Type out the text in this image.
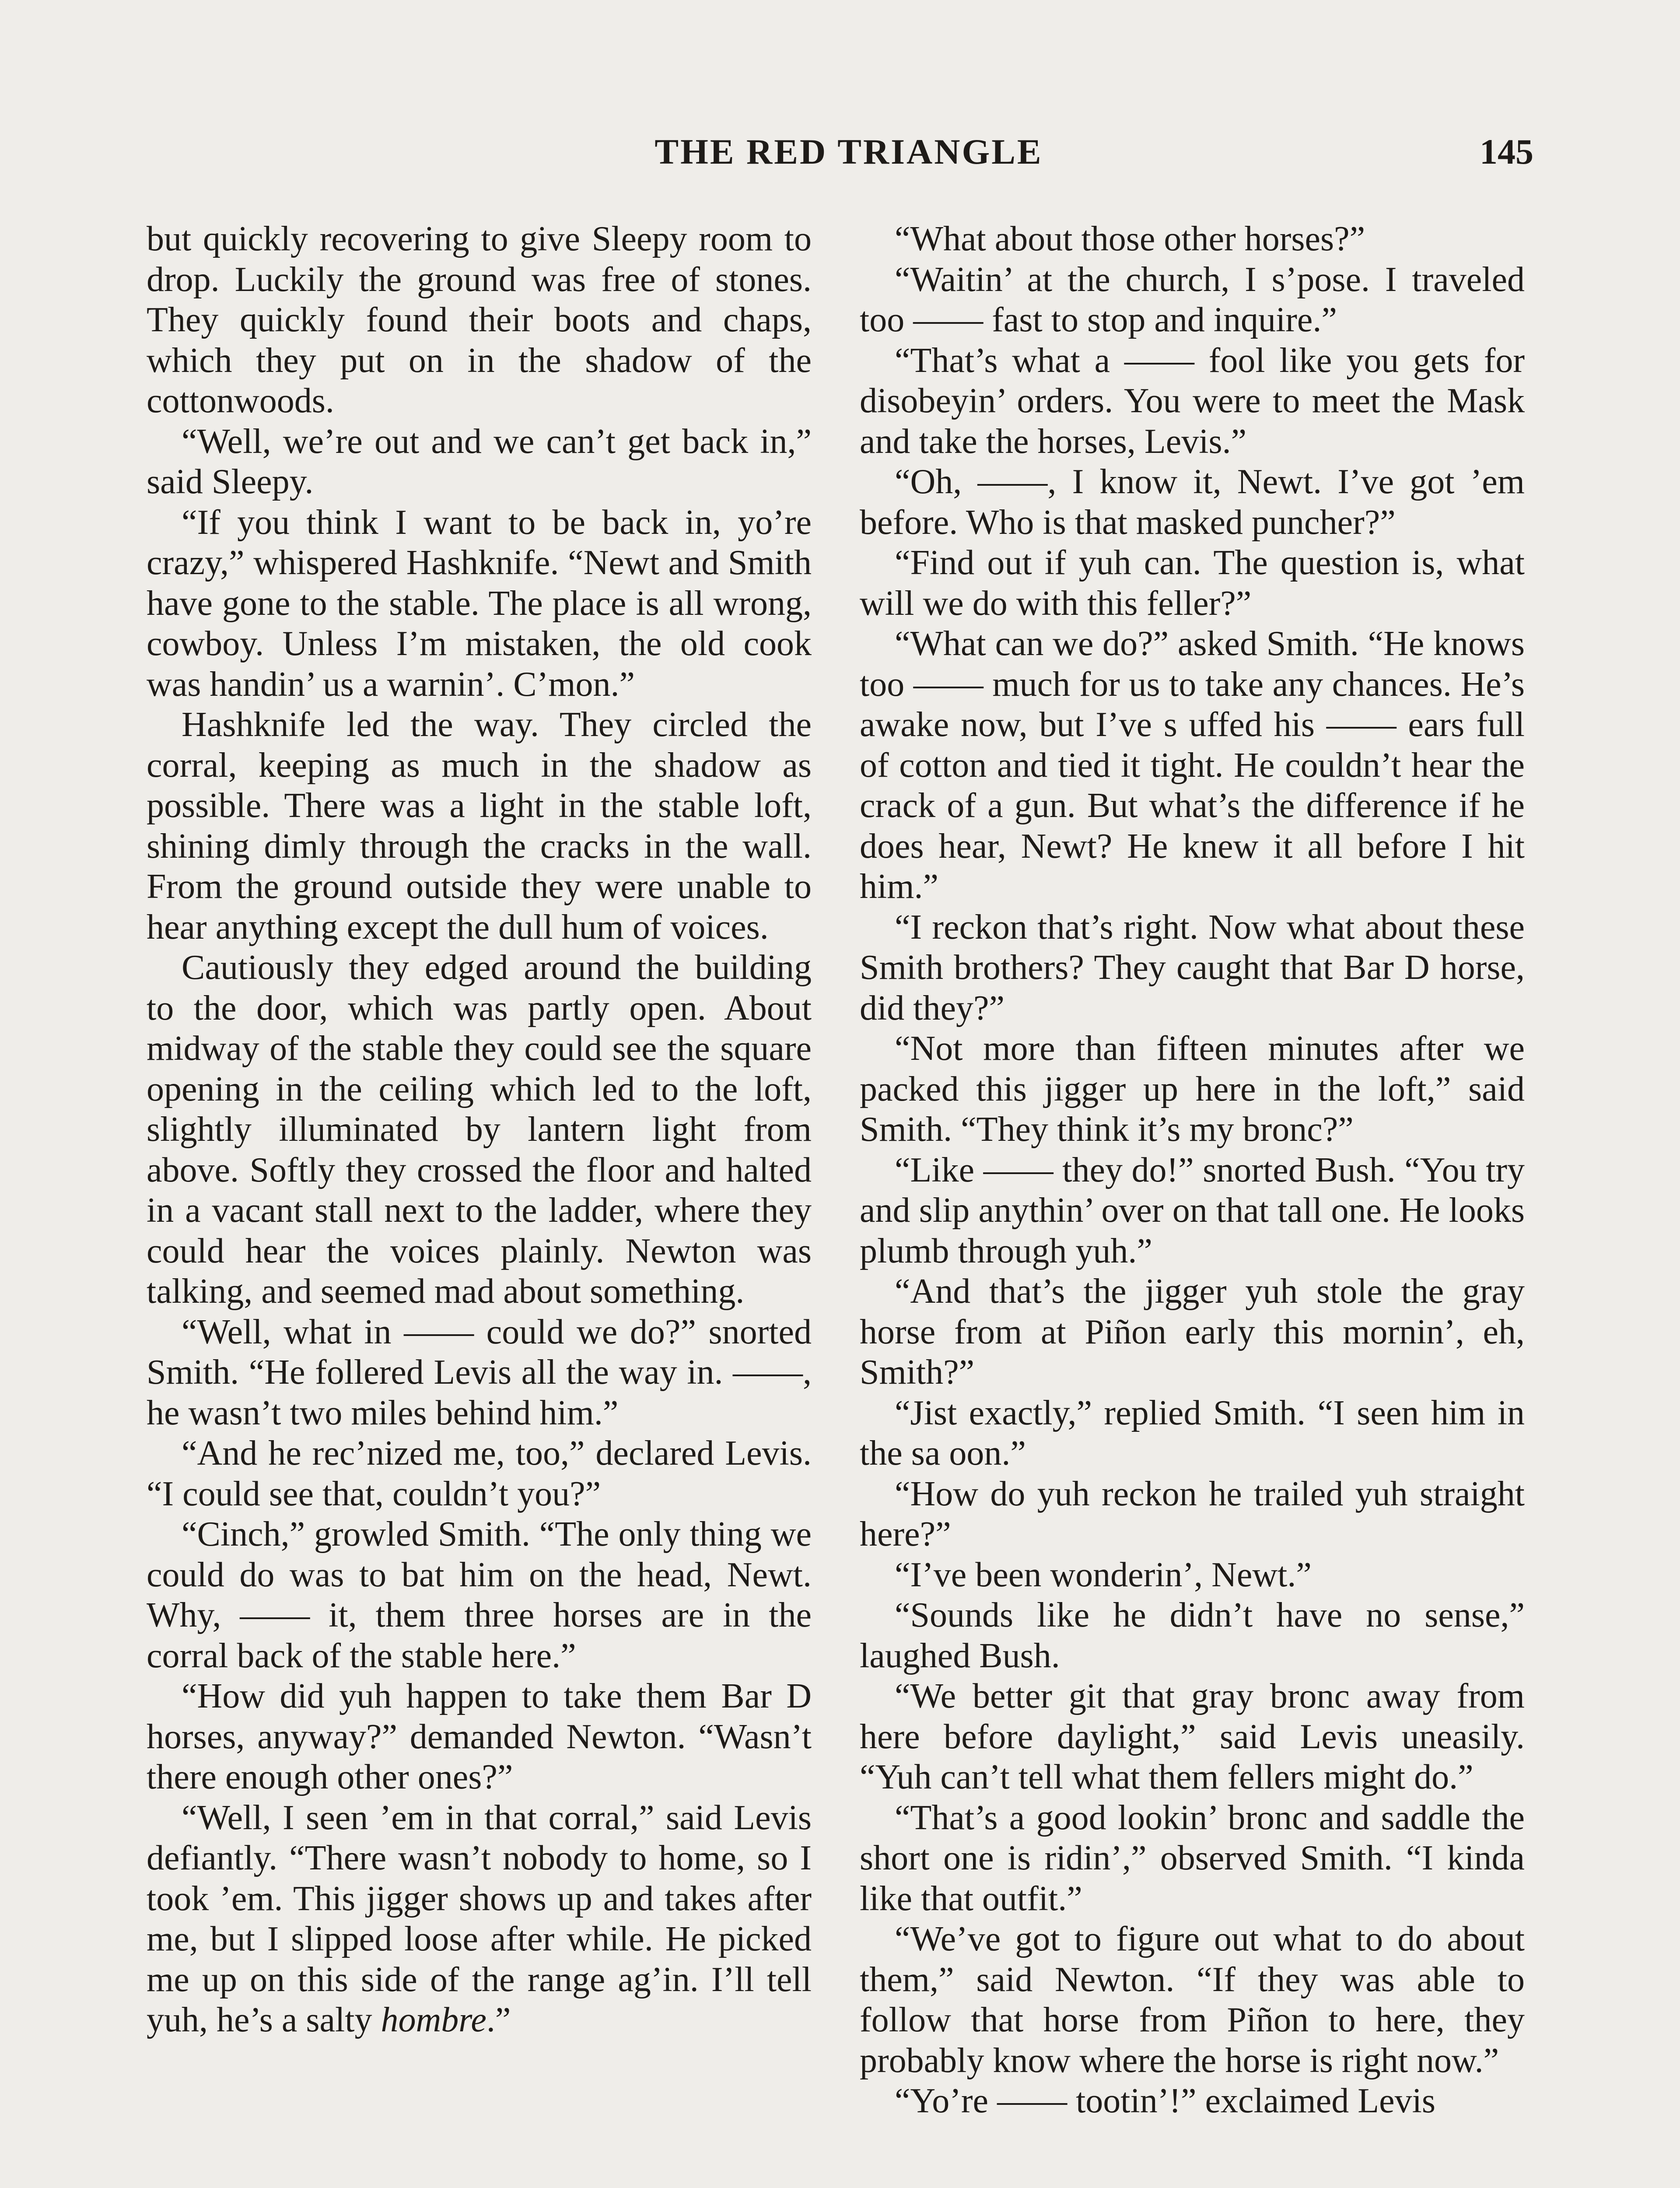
THE RED TRIANGLE	145

but quickly recovering to give Sleepy room to drop. Luckily the ground was free of stones. They quickly found their boots and chaps, which they put on in the shadow of the cottonwoods.

“Well, we’re out and we can’t get back in,” said Sleepy.

“If you think I want to be back in, yo’re crazy,” whispered Hashknife. “Newt and Smith have gone to the stable. The place is all wrong, cowboy. Unless I’m mistaken, the old cook was handin’ us a warnin’. C’mon.”

Hashknife led the way. They circled the corral, keeping as much in the shadow as possible. There was a light in the stable loft, shining dimly through the cracks in the wall. From the ground outside they were unable to hear anything except the dull hum of voices.

Cautiously they edged around the building to the door, which was partly open. About midway of the stable they could see the square opening in the ceiling which led to the loft, slightly illuminated by lantern light from above. Softly they crossed the floor and halted in a vacant stall next to the ladder, where they could hear the voices plainly. Newton was talking, and seemed mad about something.

“Well, what in —— could we do?” snorted Smith. “He follered Levis all the way in. ——, he wasn’t two miles behind him.”

“And he rec’nized me, too,” declared Levis. “I could see that, couldn’t you?”

“Cinch,” growled Smith. “The only thing we could do was to bat him on the head, Newt. Why, —— it, them three horses are in the corral back of the stable here.”

“How did yuh happen to take them Bar D horses, anyway?” demanded Newton. “Wasn’t there enough other ones?”

“Well, I seen ’em in that corral,” said Levis defiantly. “There wasn’t nobody to home, so I took ’em. This jigger shows up and takes after me, but I slipped loose after while. He picked me up on this side of the range ag’in. I’ll tell yuh, he’s a salty hombre.”

“What about those other horses?”

“Waitin’ at the church, I s’pose. I traveled too —— fast to stop and inquire.”

“That’s what a —— fool like you gets for disobeyin’ orders. You were to meet the Mask and take the horses, Levis.”

“Oh, ——, I know it, Newt. I’ve got ’em before. Who is that masked puncher?”

“Find out if yuh can. The question is, what will we do with this feller?”

“What can we do?” asked Smith. “He knows too —— much for us to take any chances. He’s awake now, but I’ve s uffed his —— ears full of cotton and tied it tight. He couldn’t hear the crack of a gun. But what’s the difference if he does hear, Newt? He knew it all before I hit him.”

“I reckon that’s right. Now what about these Smith brothers? They caught that Bar D horse, did they?”

“Not more than fifteen minutes after we packed this jigger up here in the loft,” said Smith. “They think it’s my bronc?”

“Like —— they do!” snorted Bush. “You try and slip anythin’ over on that tall one. He looks plumb through yuh.”

“And that’s the jigger yuh stole the gray horse from at Piñon early this mornin’, eh, Smith?”

“Jist exactly,” replied Smith. “I seen him in the sa oon.”

“How do yuh reckon he trailed yuh straight here?”

“I’ve been wonderin’, Newt.”

“Sounds like he didn’t have no sense,” laughed Bush.

“We better git that gray bronc away from here before daylight,” said Levis uneasily. “Yuh can’t tell what them fellers might do.”

“That’s a good lookin’ bronc and saddle the short one is ridin’,” observed Smith. “I kinda like that outfit.”

“We’ve got to figure out what to do about them,” said Newton. “If they was able to follow that horse from Piñon to here, they probably know where the horse is right now.”

“Yo’re —— tootin’!” exclaimed Levis
